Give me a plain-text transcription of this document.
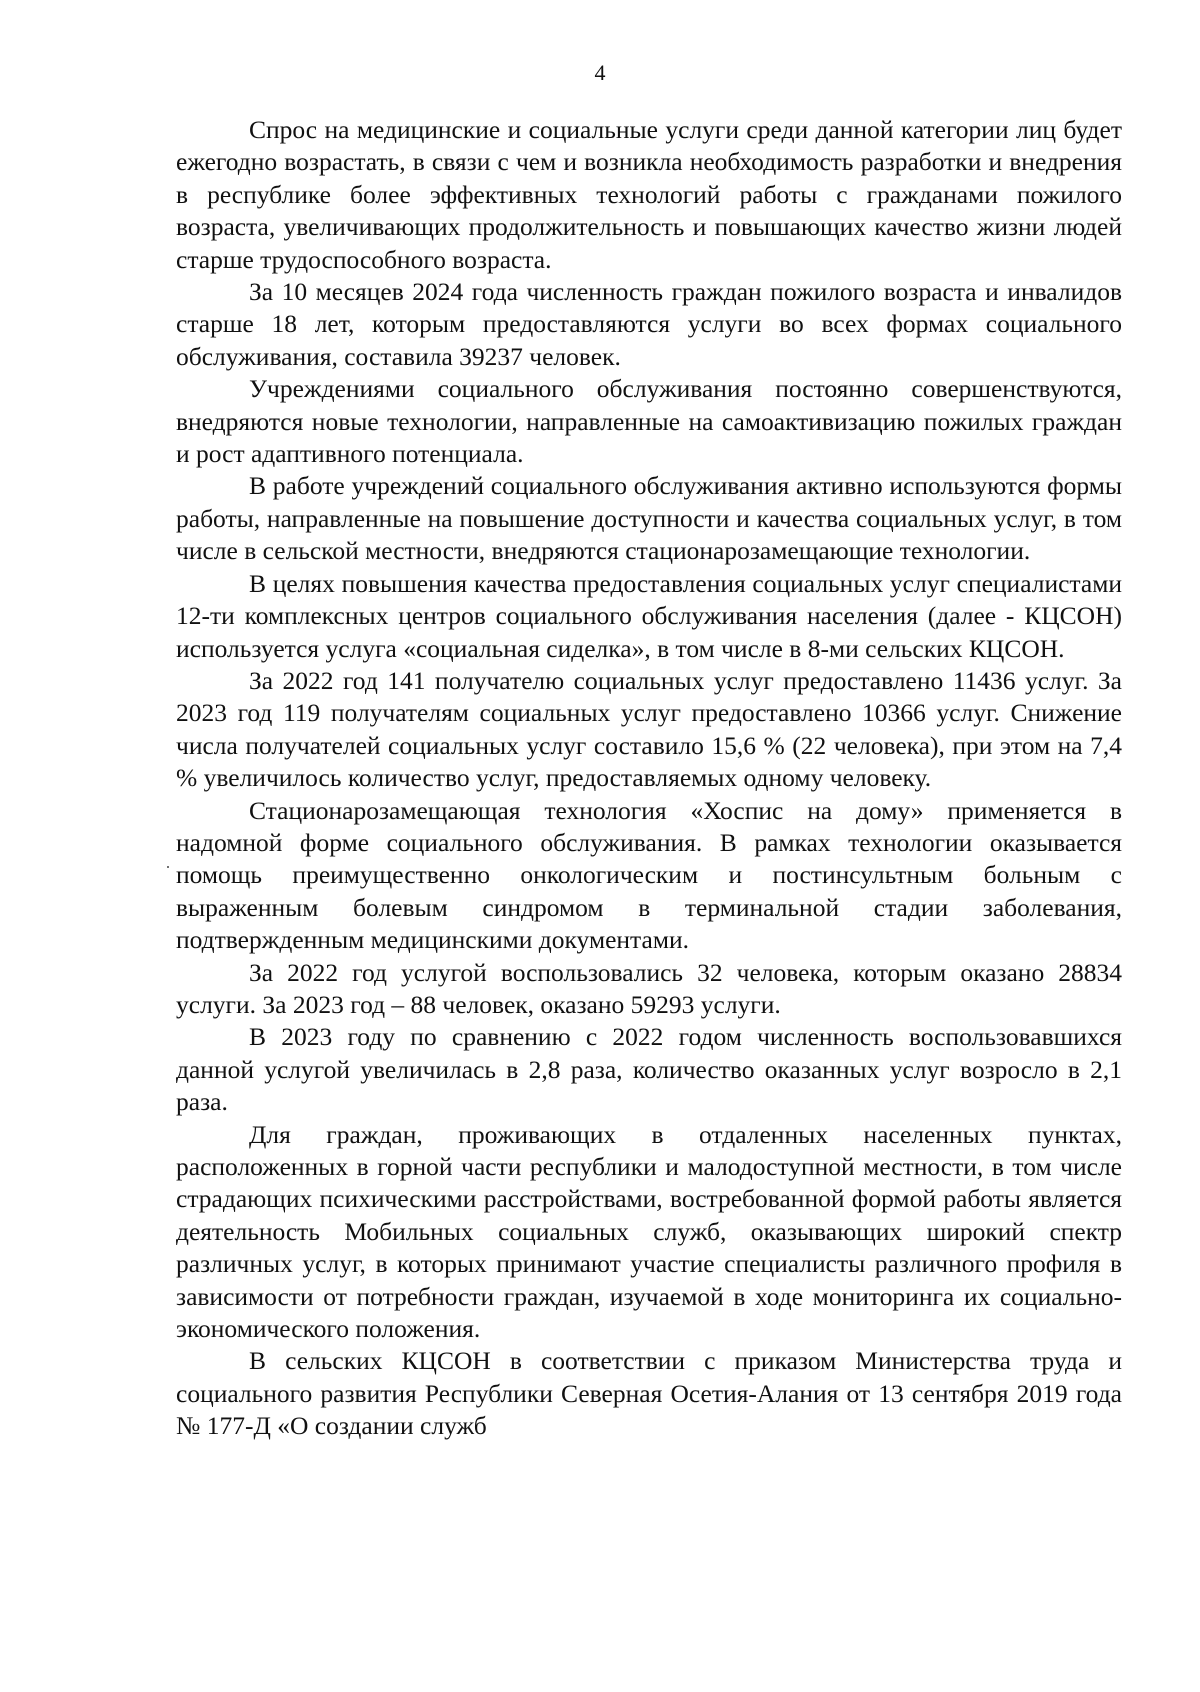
4

Спрос на медицинские и социальные услуги среди данной категории лиц будет ежегодно возрастать, в связи с чем и возникла необходимость разработки и внедрения в республике более эффективных технологий работы с гражданами пожилого возраста, увеличивающих продолжительность и повышающих качество жизни людей старше трудоспособного возраста.

За 10 месяцев 2024 года численность граждан пожилого возраста и инвалидов старше 18 лет, которым предоставляются услуги во всех формах социального обслуживания, составила 39237 человек.

Учреждениями социального обслуживания постоянно совершенствуются, внедряются новые технологии, направленные на самоактивизацию пожилых граждан и рост адаптивного потенциала.

В работе учреждений социального обслуживания активно используются формы работы, направленные на повышение доступности и качества социальных услуг, в том числе в сельской местности, внедряются стационарозамещающие технологии.

В целях повышения качества предоставления социальных услуг специалистами 12-ти комплексных центров социального обслуживания населения (далее - КЦСОН) используется услуга «социальная сиделка», в том числе в 8-ми сельских КЦСОН.

За 2022 год 141 получателю социальных услуг предоставлено 11436 услуг. За 2023 год 119 получателям социальных услуг предоставлено 10366 услуг. Снижение числа получателей социальных услуг составило 15,6 % (22 человека), при этом на 7,4 % увеличилось количество услуг, предоставляемых одному человеку.

Стационарозамещающая технология «Хоспис на дому» применяется в надомной форме социального обслуживания. В рамках технологии оказывается помощь преимущественно онкологическим и постинсультным больным с выраженным болевым синдромом в терминальной стадии заболевания, подтвержденным медицинскими документами.

За 2022 год услугой воспользовались 32 человека, которым оказано 28834 услуги. За 2023 год – 88 человек, оказано 59293 услуги.

В 2023 году по сравнению с 2022 годом численность воспользовавшихся данной услугой увеличилась в 2,8 раза, количество оказанных услуг возросло в 2,1 раза.

Для граждан, проживающих в отдаленных населенных пунктах, расположенных в горной части республики и малодоступной местности, в том числе страдающих психическими расстройствами, востребованной формой работы является деятельность Мобильных социальных служб, оказывающих широкий спектр различных услуг, в которых принимают участие специалисты различного профиля в зависимости от потребности граждан, изучаемой в ходе мониторинга их социально-экономического положения.

В сельских КЦСОН в соответствии с приказом Министерства труда и социального развития Республики Северная Осетия-Алания от 13 сентября 2019 года № 177-Д «О создании служб
